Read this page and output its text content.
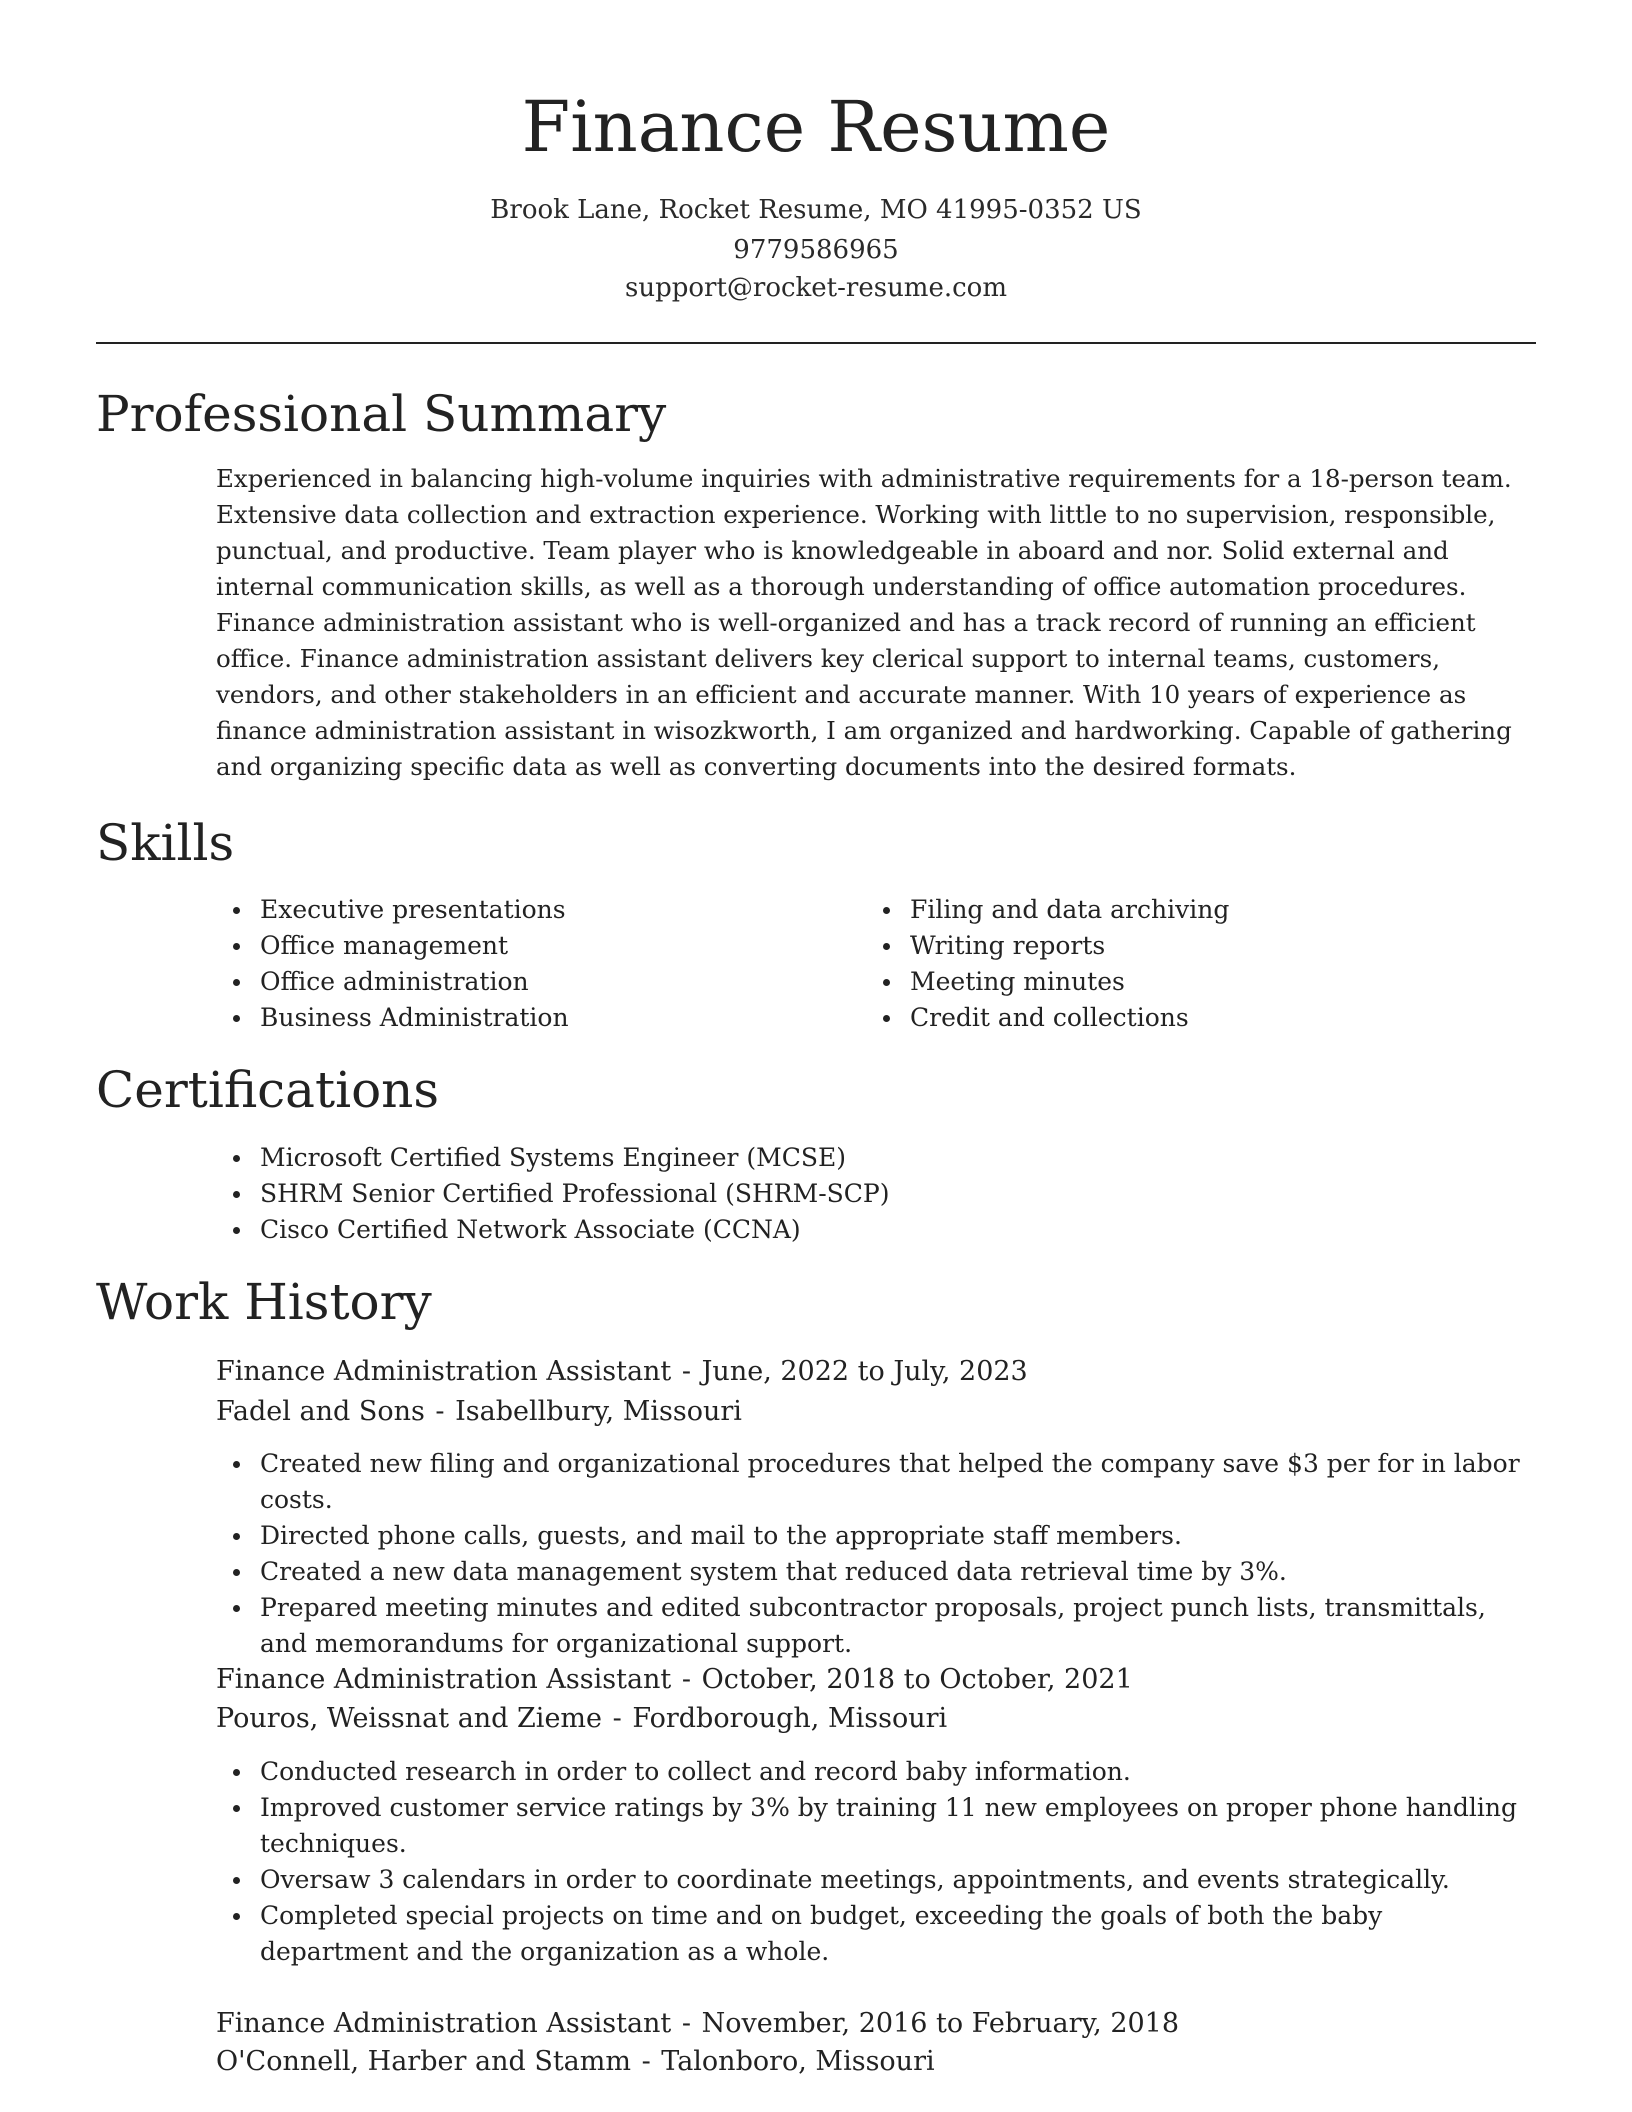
Finance Resume
Brook Lane, Rocket Resume, MO 41995-0352 US
9779586965
support@rocket-resume.com
Professional Summary

Experienced in balancing high-volume inquiries with administrative requirements for a 18-person team. Extensive data collection and extraction experience. Working with little to no supervision, responsible, punctual, and productive. Team player who is knowledgeable in aboard and nor. Solid external and internal communication skills, as well as a thorough understanding of office automation procedures. Finance administration assistant who is well-organized and has a track record of running an efficient office. Finance administration assistant delivers key clerical support to internal teams, customers, vendors, and other stakeholders in an efficient and accurate manner. With 10 years of experience as finance administration assistant in wisozkworth, I am organized and hardworking. Capable of gathering and organizing specific data as well as converting documents into the desired formats.

Skills
Executive presentations
Office management
Office administration
Business Administration
Filing and data archiving
Writing reports
Meeting minutes
Credit and collections
Certifications
Microsoft Certified Systems Engineer (MCSE)
SHRM Senior Certified Professional (SHRM-SCP)
Cisco Certified Network Associate (CCNA)
Work History
Finance Administration Assistant - June, 2022 to July, 2023
Fadel and Sons - Isabellbury, Missouri
Created new filing and organizational procedures that helped the company save $3 per for in labor costs.
Directed phone calls, guests, and mail to the appropriate staff members.
Created a new data management system that reduced data retrieval time by 3%.
Prepared meeting minutes and edited subcontractor proposals, project punch lists, transmittals, and memorandums for organizational support.
Finance Administration Assistant - October, 2018 to October, 2021
Pouros, Weissnat and Zieme - Fordborough, Missouri
Conducted research in order to collect and record baby information.
Improved customer service ratings by 3% by training 11 new employees on proper phone handling techniques.
Oversaw 3 calendars in order to coordinate meetings, appointments, and events strategically.
Completed special projects on time and on budget, exceeding the goals of both the baby department and the organization as a whole.
Finance Administration Assistant - November, 2016 to February, 2018
O'Connell, Harber and Stamm - Talonboro, Missouri
